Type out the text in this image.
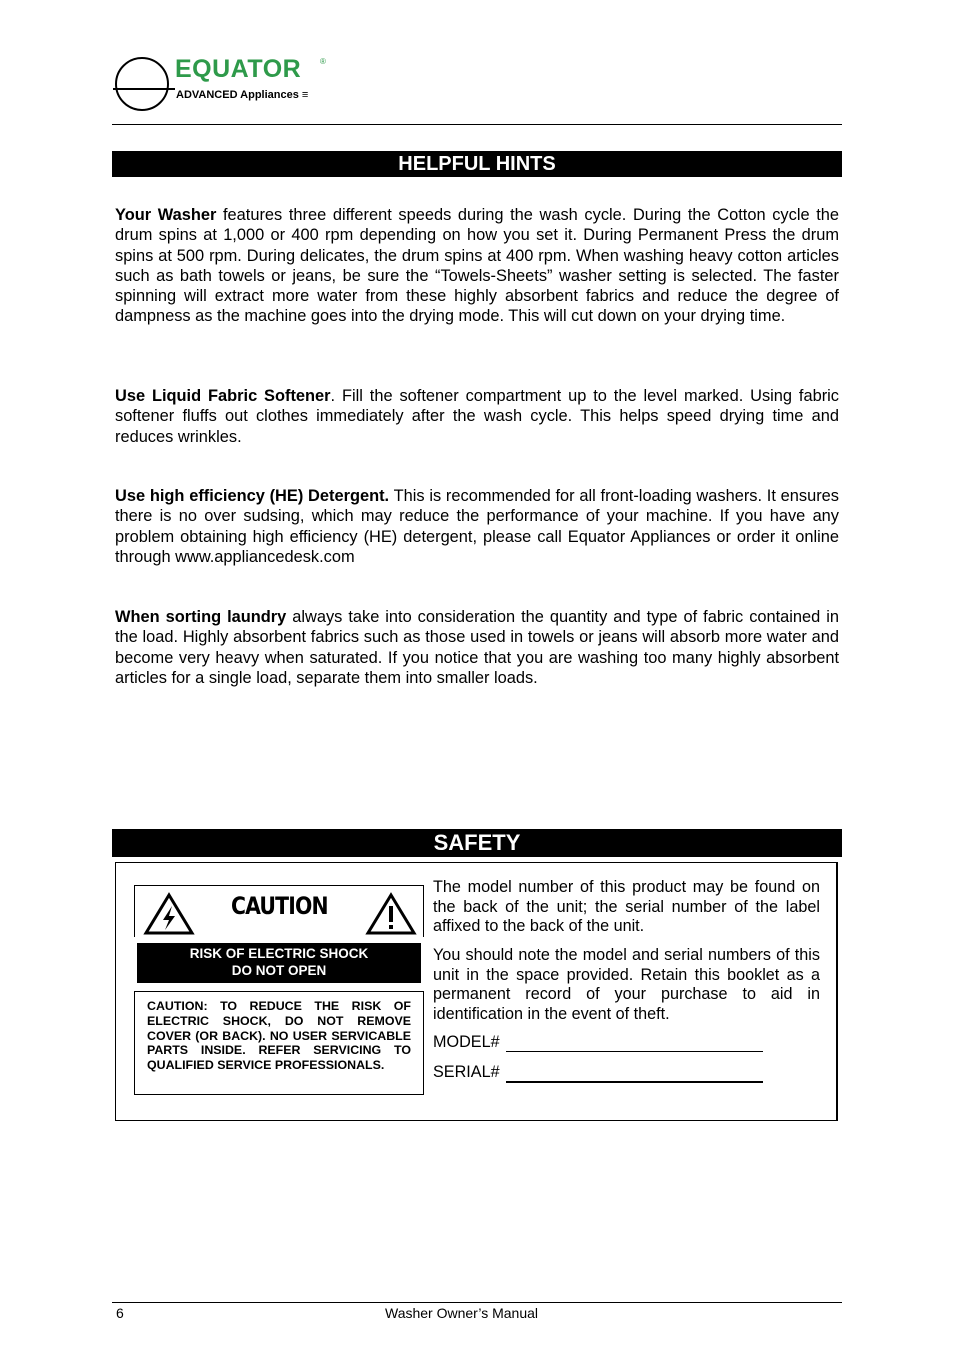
EQUATOR ®
ADVANCED Appliances ≡
HELPFUL HINTS

Your Washer features three different speeds during the wash cycle. During the Cotton cycle the drum spins at 1,000 or 400 rpm depending on how you set it. During Permanent Press the drum spins at 500 rpm. During delicates, the drum spins at 400 rpm. When washing heavy cotton articles such as bath towels or jeans, be sure the “Towels-Sheets” washer setting is selected. The faster spinning will extract more water from these highly absorbent fabrics and reduce the degree of dampness as the machine goes into the drying mode. This will cut down on your drying time.

Use Liquid Fabric Softener. Fill the softener compartment up to the level marked. Using fabric softener fluffs out clothes immediately after the wash cycle. This helps speed drying time and reduces wrinkles.

Use high efficiency (HE) Detergent. This is recommended for all front-loading washers. It ensures there is no over sudsing, which may reduce the performance of your machine. If you have any problem obtaining high efficiency (HE) detergent, please call Equator Appliances or order it online through www.appliancedesk.com

When sorting laundry always take into consideration the quantity and type of fabric contained in the load. Highly absorbent fabrics such as those used in towels or jeans will absorb more water and become very heavy when saturated. If you notice that you are washing too many highly absorbent articles for a single load, separate them into smaller loads.

SAFETY
CAUTION
RISK OF ELECTRIC SHOCK
DO NOT OPEN

CAUTION: TO REDUCE THE RISK OF ELECTRIC SHOCK, DO NOT REMOVE COVER (OR BACK). NO USER SERVICABLE PARTS INSIDE. REFER SERVICING TO QUALIFIED SERVICE PROFESSIONALS.

The model number of this product may be found on the back of the unit; the serial number of the label affixed to the back of the unit.

You should note the model and serial numbers of this unit in the space provided. Retain this booklet as a permanent record of your purchase to aid in identification in the event of theft.

MODEL#
SERIAL#
6	Washer Owner’s Manual
